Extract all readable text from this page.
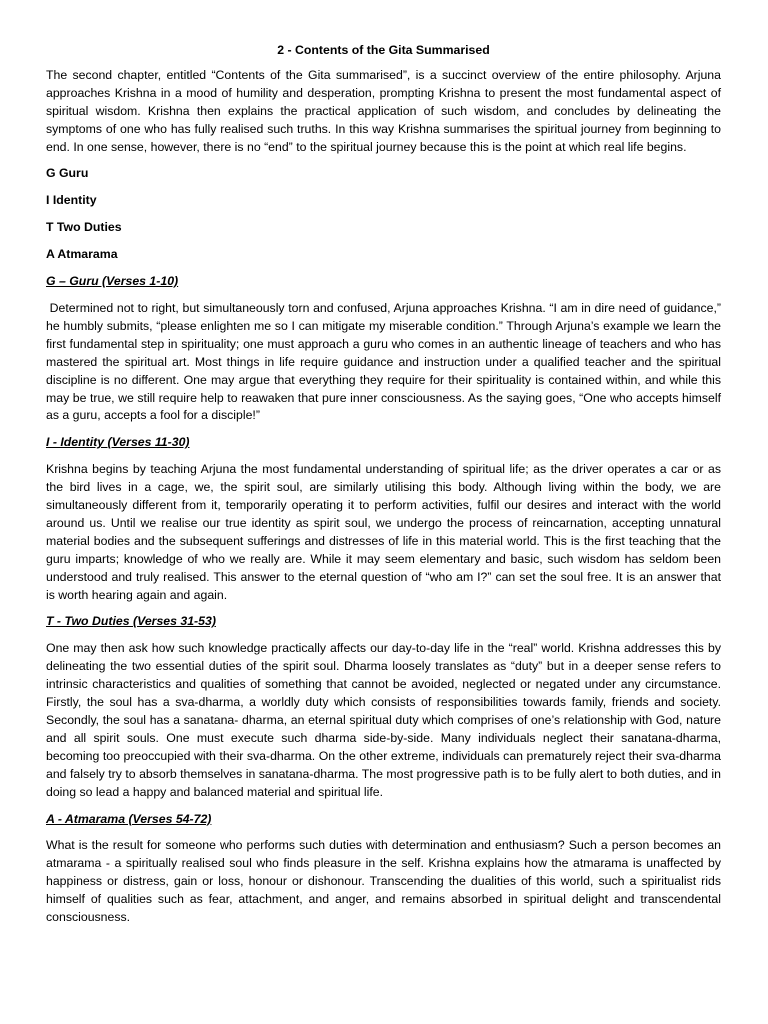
2 - Contents of the Gita Summarised
The second chapter, entitled “Contents of the Gita summarised”, is a succinct overview of the entire philosophy. Arjuna approaches Krishna in a mood of humility and desperation, prompting Krishna to present the most fundamental aspect of spiritual wisdom. Krishna then explains the practical application of such wisdom, and concludes by delineating the symptoms of one who has fully realised such truths. In this way Krishna summarises the spiritual journey from beginning to end. In one sense, however, there is no “end” to the spiritual journey because this is the point at which real life begins.
G Guru
I Identity
T Two Duties
A Atmarama
G – Guru (Verses 1-10)
Determined not to right, but simultaneously torn and confused, Arjuna approaches Krishna. “I am in dire need of guidance,” he humbly submits, “please enlighten me so I can mitigate my miserable condition.” Through Arjuna’s example we learn the first fundamental step in spirituality; one must approach a guru who comes in an authentic lineage of teachers and who has mastered the spiritual art. Most things in life require guidance and instruction under a qualified teacher and the spiritual discipline is no different. One may argue that everything they require for their spirituality is contained within, and while this may be true, we still require help to reawaken that pure inner consciousness. As the saying goes, “One who accepts himself as a guru, accepts a fool for a disciple!”
I - Identity (Verses 11-30)
Krishna begins by teaching Arjuna the most fundamental understanding of spiritual life; as the driver operates a car or as the bird lives in a cage, we, the spirit soul, are similarly utilising this body. Although living within the body, we are simultaneously different from it, temporarily operating it to perform activities, fulfil our desires and interact with the world around us. Until we realise our true identity as spirit soul, we undergo the process of reincarnation, accepting unnatural material bodies and the subsequent sufferings and distresses of life in this material world. This is the ﬁrst teaching that the guru imparts; knowledge of who we really are. While it may seem elementary and basic, such wisdom has seldom been understood and truly realised. This answer to the eternal question of “who am I?” can set the soul free. It is an answer that is worth hearing again and again.
T - Two Duties (Verses 31-53)
One may then ask how such knowledge practically affects our day-to-day life in the “real” world. Krishna addresses this by delineating the two essential duties of the spirit soul. Dharma loosely translates as “duty” but in a deeper sense refers to intrinsic characteristics and qualities of something that cannot be avoided, neglected or negated under any circumstance. Firstly, the soul has a sva-dharma, a worldly duty which consists of responsibilities towards family, friends and society. Secondly, the soul has a sanatana- dharma, an eternal spiritual duty which comprises of one’s relationship with God, nature and all spirit souls. One must execute such dharma side-by-side. Many individuals neglect their sanatana-dharma, becoming too preoccupied with their sva-dharma. On the other extreme, individuals can prematurely reject their sva-dharma and falsely try to absorb themselves in sanatana-dharma. The most progressive path is to be fully alert to both duties, and in doing so lead a happy and balanced material and spiritual life.
A - Atmarama (Verses 54-72)
What is the result for someone who performs such duties with determination and enthusiasm? Such a person becomes an atmarama - a spiritually realised soul who finds pleasure in the self. Krishna explains how the atmarama is unaffected by happiness or distress, gain or loss, honour or dishonour. Transcending the dualities of this world, such a spiritualist rids himself of qualities such as fear, attachment, and anger, and remains absorbed in spiritual delight and transcendental consciousness.
